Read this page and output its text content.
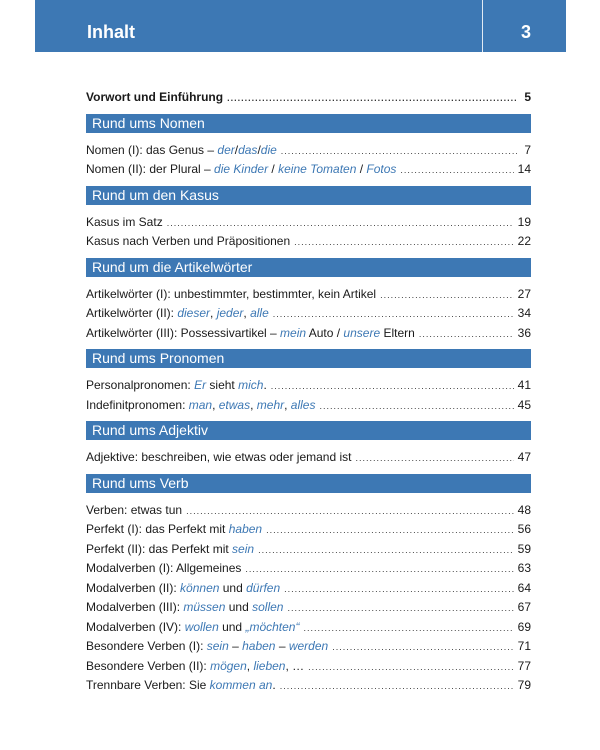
Inhalt	3
Vorwort und Einführung .....	5
Rund ums Nomen
Nomen (I): das Genus – der/das/die .....	7
Nomen (II): der Plural – die Kinder / keine Tomaten / Fotos .....	14
Rund um den Kasus
Kasus im Satz .....	19
Kasus nach Verben und Präpositionen .....	22
Rund um die Artikelwörter
Artikelwörter (I): unbestimmter, bestimmter, kein Artikel .....	27
Artikelwörter (II): dieser, jeder, alle .....	34
Artikelwörter (III): Possessivartikel – mein Auto / unsere Eltern .....	36
Rund ums Pronomen
Personalpronomen: Er sieht mich. .....	41
Indefinitpronomen: man, etwas, mehr, alles .....	45
Rund ums Adjektiv
Adjektive: beschreiben, wie etwas oder jemand ist .....	47
Rund ums Verb
Verben: etwas tun .....	48
Perfekt (I): das Perfekt mit haben .....	56
Perfekt (II): das Perfekt mit sein .....	59
Modalverben (I): Allgemeines .....	63
Modalverben (II): können und dürfen .....	64
Modalverben (III): müssen und sollen .....	67
Modalverben (IV): wollen und „möchten“ .....	69
Besondere Verben (I): sein – haben – werden .....	71
Besondere Verben (II): mögen, lieben, … .....	77
Trennbare Verben: Sie kommen an. .....	79
